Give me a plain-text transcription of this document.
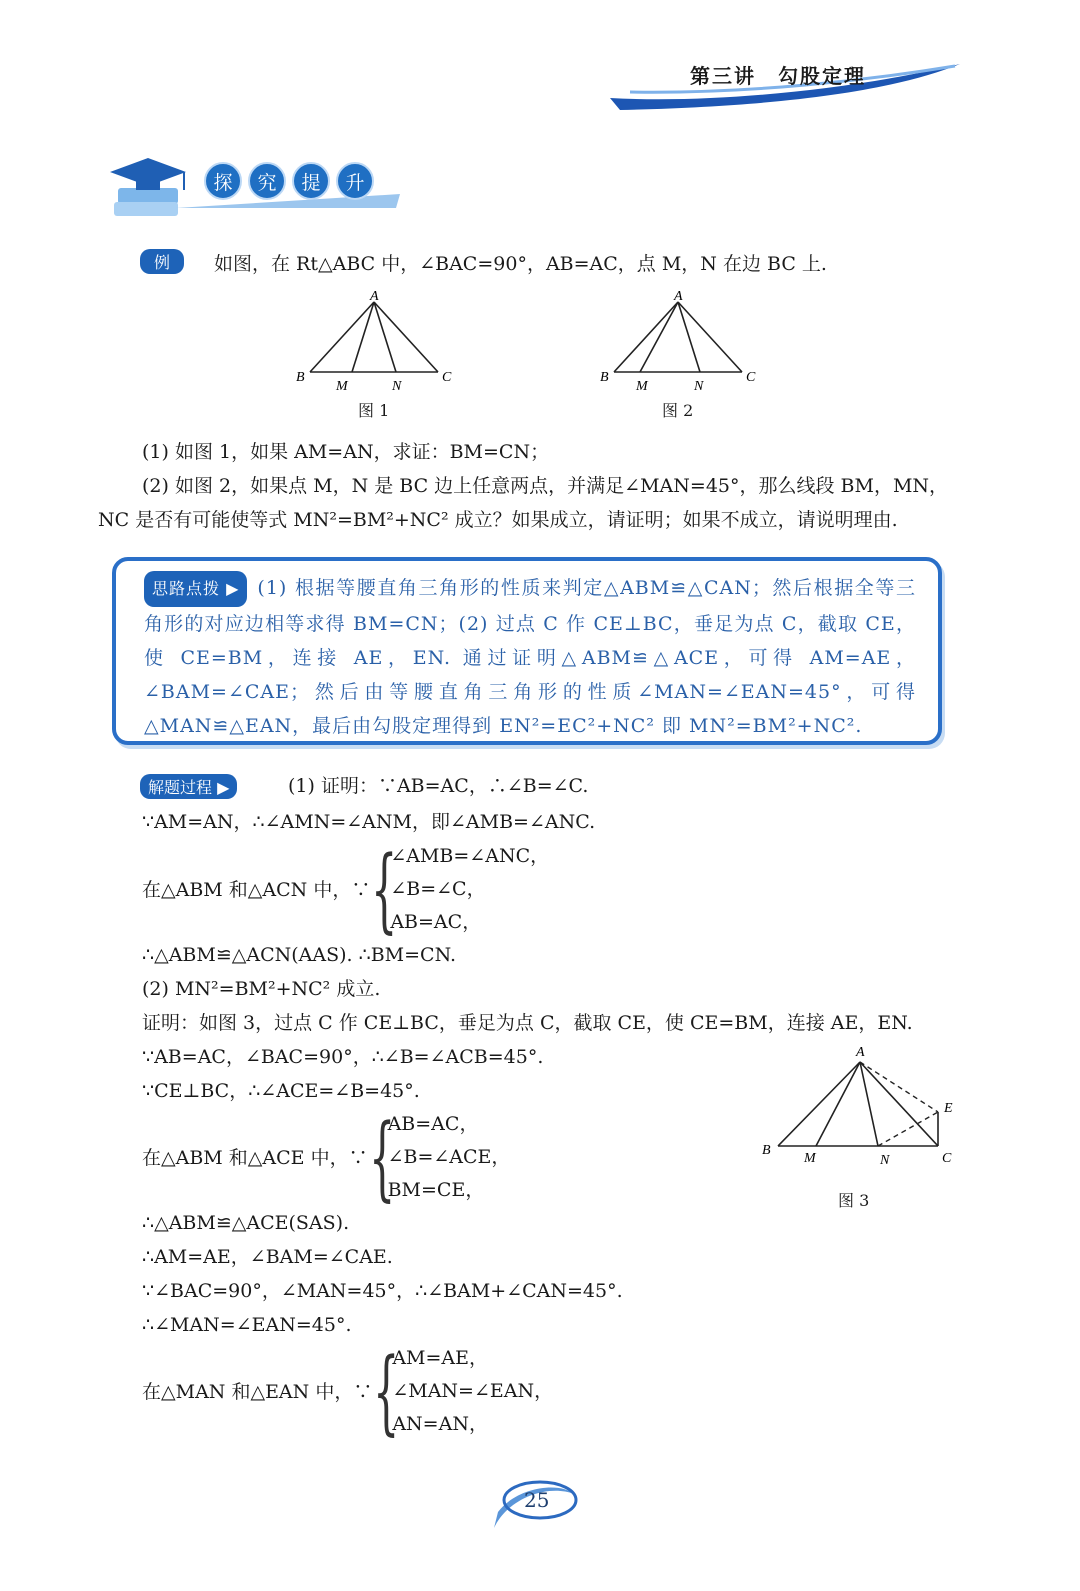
第三讲　勾股定理
探	究	提	升
例	如图，在 Rt△ABC 中，∠BAC=90°，AB=AC，点 M，N 在边 BC 上.
A
B	C
M	N
图 1
A
B	C
M	N
图 2
(1) 如图 1，如果 AM=AN，求证：BM=CN；
(2) 如图 2，如果点 M，N 是 BC 边上任意两点，并满足∠MAN=45°，那么线段 BM，MN，
NC 是否有可能使等式 MN²=BM²+NC² 成立？如果成立，请证明；如果不成立，请说明理由.
思路点拨 ▶ (1) 根据等腰直角三角形的性质来判定△ABM≌△CAN；然后根据全等三角形的对应边相等求得 BM=CN；(2) 过点 C 作 CE⊥BC，垂足为点 C，截取 CE，使 CE=BM，连接 AE，EN. 通过证明△ABM≌△ACE，可得 AM=AE，∠BAM=∠CAE；然后由等腰直角三角形的性质∠MAN=∠EAN=45°，可得△MAN≌△EAN，最后由勾股定理得到 EN²=EC²+NC² 即 MN²=BM²+NC².
解题过程 ▶	(1) 证明：∵AB=AC，∴∠B=∠C.
∵AM=AN，∴∠AMN=∠ANM，即∠AMB=∠ANC.
在△ABM 和△ACN 中，∵ {
∠AMB=∠ANC，
∠B=∠C，
AB=AC，
∴△ABM≌△ACN(AAS). ∴BM=CN.
(2) MN²=BM²+NC² 成立.
证明：如图 3，过点 C 作 CE⊥BC，垂足为点 C，截取 CE，使 CE=BM，连接 AE，EN.
∵AB=AC，∠BAC=90°，∴∠B=∠ACB=45°.
∵CE⊥BC，∴∠ACE=∠B=45°.
在△ABM 和△ACE 中，∵ {
AB=AC，
∠B=∠ACE，
BM=CE，
A
E
B
M	N	C
图 3
∴△ABM≌△ACE(SAS).
∴AM=AE，∠BAM=∠CAE.
∵∠BAC=90°，∠MAN=45°，∴∠BAM+∠CAN=45°.
∴∠MAN=∠EAN=45°.
在△MAN 和△EAN 中，∵ {
AM=AE，
∠MAN=∠EAN，
AN=AN，
25
